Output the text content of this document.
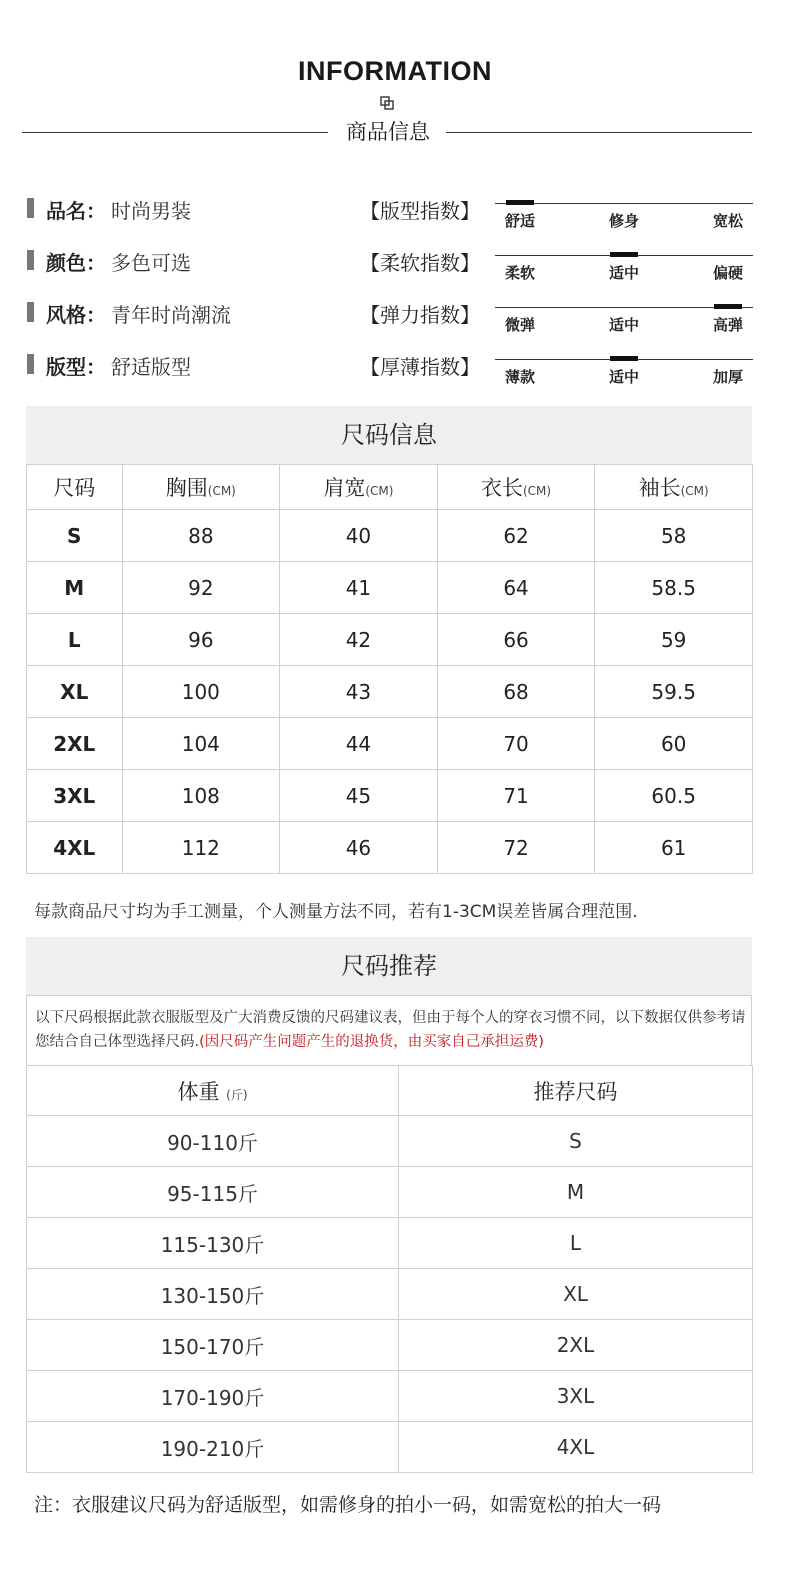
INFORMATION
商品信息
品名： 时尚男装
颜色： 多色可选
风格： 青年时尚潮流
版型： 舒适版型
【版型指数】	舒适	修身	宽松
【柔软指数】	柔软	适中	偏硬
【弹力指数】	微弹	适中	高弹
【厚薄指数】	薄款	适中	加厚
尺码信息
尺码	胸围(CM)	肩宽(CM)	衣长(CM)	袖长(CM)
S	88	40	62	58
M	92	41	64	58.5
L	96	42	66	59
XL	100	43	68	59.5
2XL	104	44	70	60
3XL	108	45	71	60.5
4XL	112	46	72	61
每款商品尺寸均为手工测量，个人测量方法不同，若有1-3CM误差皆属合理范围.
尺码推荐
以下尺码根据此款衣服版型及广大消费反馈的尺码建议表，但由于每个人的穿衣习惯不同，以下数据仅供参考请您结合自己体型选择尺码.(因尺码产生问题产生的退换货，由买家自己承担运费)
体重 (斤)	推荐尺码
90-110斤	S
95-115斤	M
115-130斤	L
130-150斤	XL
150-170斤	2XL
170-190斤	3XL
190-210斤	4XL
注：衣服建议尺码为舒适版型，如需修身的拍小一码，如需宽松的拍大一码
